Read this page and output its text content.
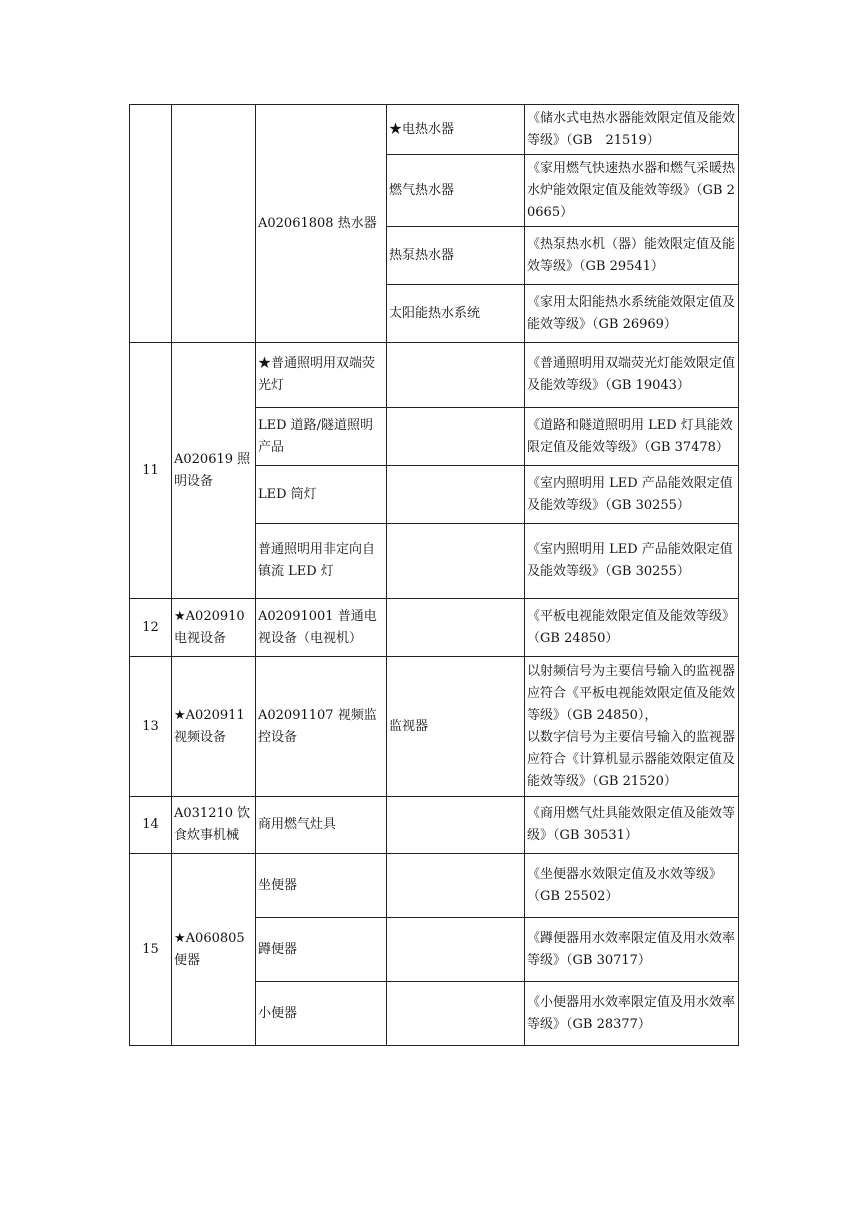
		A02061808 热水器	★电热水器	《储水式电热水器能效限定值及能效等级》（GB　21519）
			燃气热水器	《家用燃气快速热水器和燃气采暖热水炉能效限定值及能效等级》（GB 20665）
			热泵热水器	《热泵热水机（器）能效限定值及能效等级》（GB 29541）
			太阳能热水系统	《家用太阳能热水系统能效限定值及能效等级》（GB 26969）
11	A020619 照明设备	★普通照明用双端荧光灯		《普通照明用双端荧光灯能效限定值及能效等级》（GB 19043）
		LED 道路/隧道照明产品		《道路和隧道照明用 LED 灯具能效限定值及能效等级》（GB 37478）
		LED 筒灯		《室内照明用 LED 产品能效限定值及能效等级》（GB 30255）
		普通照明用非定向自镇流 LED 灯		《室内照明用 LED 产品能效限定值及能效等级》（GB 30255）
12	★A020910 电视设备	A02091001 普通电视设备（电视机）		《平板电视能效限定值及能效等级》（GB 24850）
13	★A020911 视频设备	A02091107 视频监控设备	监视器	以射频信号为主要信号输入的监视器应符合《平板电视能效限定值及能效等级》（GB 24850），
以数字信号为主要信号输入的监视器应符合《计算机显示器能效限定值及能效等级》（GB 21520）

14	A031210 饮食炊事机械	商用燃气灶具		《商用燃气灶具能效限定值及能效等级》（GB 30531）
15	★A060805 便器	坐便器		《坐便器水效限定值及水效等级》（GB 25502）
		蹲便器		《蹲便器用水效率限定值及用水效率等级》（GB 30717）
		小便器		《小便器用水效率限定值及用水效率等级》（GB 28377）
